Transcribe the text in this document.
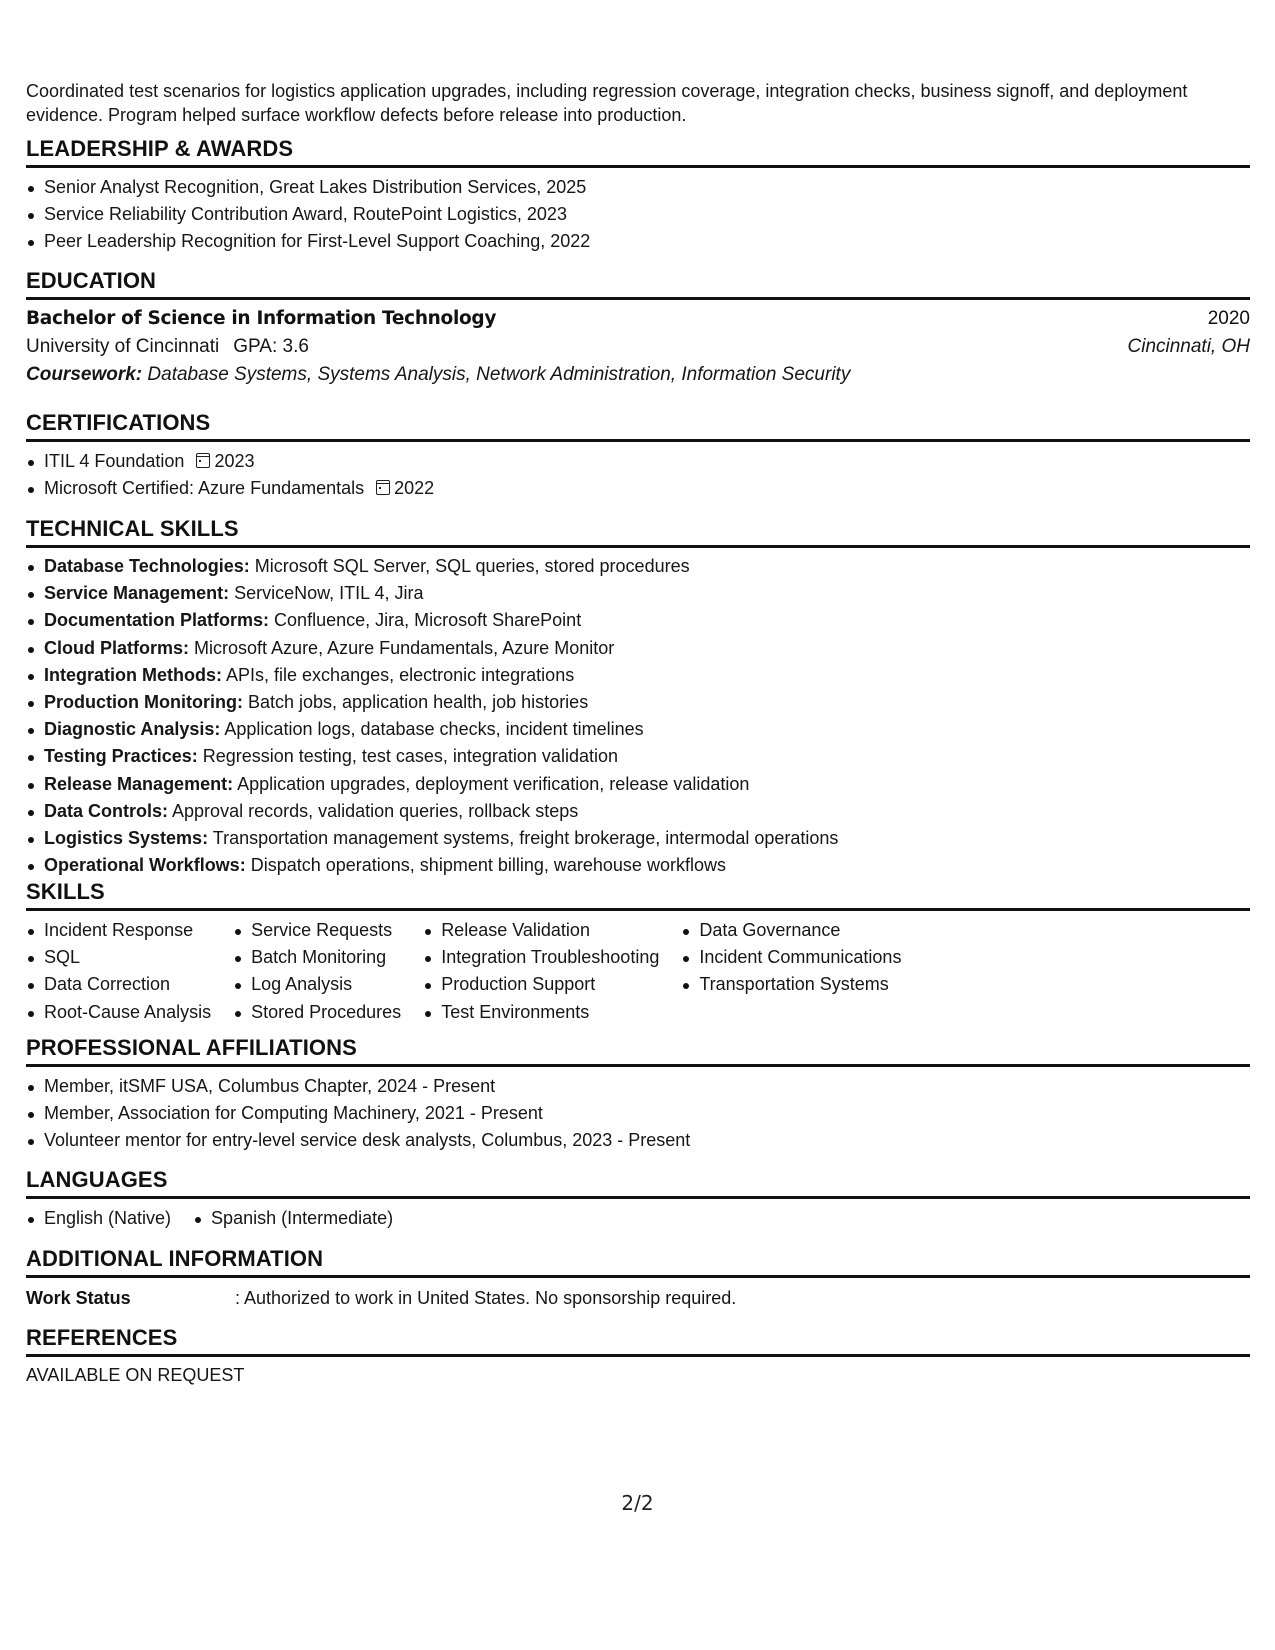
Coordinated test scenarios for logistics application upgrades, including regression coverage, integration checks, business signoff, and deployment evidence. Program helped surface workflow defects before release into production.

LEADERSHIP & AWARDS
Senior Analyst Recognition, Great Lakes Distribution Services, 2025
Service Reliability Contribution Award, RoutePoint Logistics, 2023
Peer Leadership Recognition for First-Level Support Coaching, 2022
EDUCATION
Bachelor of Science in Information Technology	2020
University of Cincinnati GPA: 3.6	Cincinnati, OH
Coursework: Database Systems, Systems Analysis, Network Administration, Information Security
CERTIFICATIONS
ITIL 4 Foundation 2023
Microsoft Certified: Azure Fundamentals 2022
TECHNICAL SKILLS
Database Technologies: Microsoft SQL Server, SQL queries, stored procedures
Service Management: ServiceNow, ITIL 4, Jira
Documentation Platforms: Confluence, Jira, Microsoft SharePoint
Cloud Platforms: Microsoft Azure, Azure Fundamentals, Azure Monitor
Integration Methods: APIs, file exchanges, electronic integrations
Production Monitoring: Batch jobs, application health, job histories
Diagnostic Analysis: Application logs, database checks, incident timelines
Testing Practices: Regression testing, test cases, integration validation
Release Management: Application upgrades, deployment verification, release validation
Data Controls: Approval records, validation queries, rollback steps
Logistics Systems: Transportation management systems, freight brokerage, intermodal operations
Operational Workflows: Dispatch operations, shipment billing, warehouse workflows
SKILLS
Incident Response
SQL
Data Correction
Root-Cause Analysis
Service Requests
Batch Monitoring
Log Analysis
Stored Procedures
Release Validation
Integration Troubleshooting
Production Support
Test Environments
Data Governance
Incident Communications
Transportation Systems
PROFESSIONAL AFFILIATIONS
Member, itSMF USA, Columbus Chapter, 2024 - Present
Member, Association for Computing Machinery, 2021 - Present
Volunteer mentor for entry-level service desk analysts, Columbus, 2023 - Present
LANGUAGES
English (Native)	Spanish (Intermediate)
ADDITIONAL INFORMATION
Work Status	: Authorized to work in United States. No sponsorship required.
REFERENCES
AVAILABLE ON REQUEST
2/2
